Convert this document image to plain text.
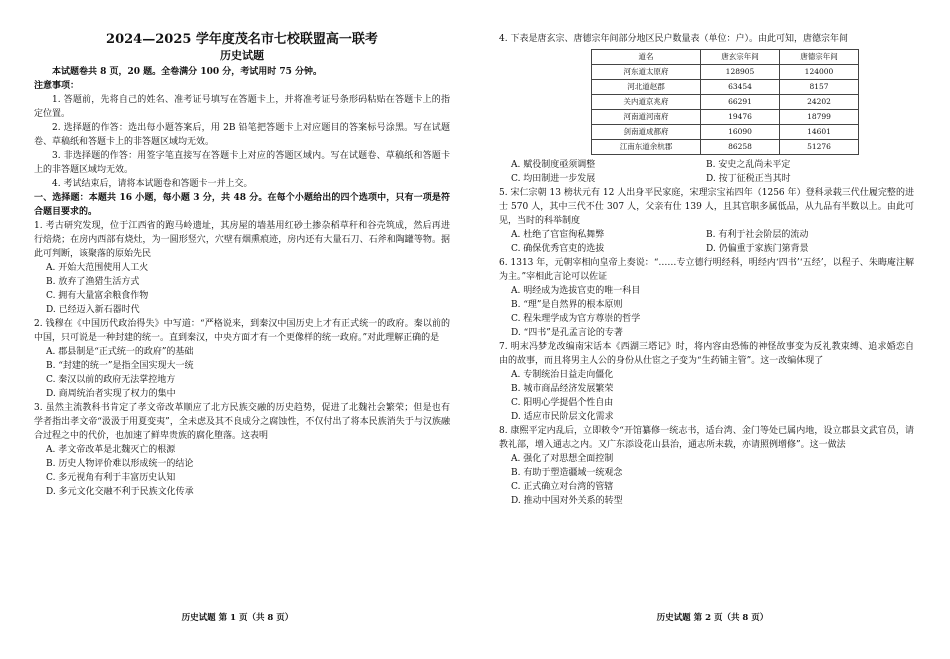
2024—2025 学年度茂名市七校联盟高一联考

历史试题

本试题卷共 8 页，20 题。全卷满分 100 分，考试用时 75 分钟。

注意事项：

1. 答题前，先将自己的姓名、准考证号填写在答题卡上，并将准考证号条形码粘贴在答题卡上的指定位置。

2. 选择题的作答：选出每小题答案后，用 2B 铅笔把答题卡上对应题目的答案标号涂黑。写在试题卷、草稿纸和答题卡上的非答题区域均无效。

3. 非选择题的作答：用签字笔直接写在答题卡上对应的答题区域内。写在试题卷、草稿纸和答题卡上的非答题区域均无效。

4. 考试结束后，请将本试题卷和答题卡一并上交。

一、选择题：本题共 16 小题，每小题 3 分，共 48 分。在每个小题给出的四个选项中，只有一项是符合题目要求的。

1. 考古研究发现，位于江西省的跑马岭遗址，其房屋的墙基用红砂土掺杂稻草秆和谷壳筑成，然后再进行焙烧；在房内西部有烧灶，为一圆形竖穴，穴壁有烟熏痕迹，房内还有大量石刀、石斧和陶罐等物。据此可判断，该聚落的原始先民

A. 开始大范围使用人工火

B. 放弃了渔猎生活方式

C. 拥有大量富余粮食作物

D. 已经迈入新石器时代

2. 钱穆在《中国历代政治得失》中写道：“严格说来，到秦汉中国历史上才有正式统一的政府。秦以前的中国，只可说是一种封建的统一。直到秦汉，中央方面才有一个更像样的统一政府。”对此理解正确的是

A. 郡县制是“正式统一的政府”的基础

B. “封建的统一”是指全国实现大一统

C. 秦汉以前的政府无法掌控地方

D. 商周统治者实现了权力的集中

3. 虽然主流教科书肯定了孝文帝改革顺应了北方民族交融的历史趋势，促进了北魏社会繁荣；但是也有学者指出孝文帝“汲汲于用夏变夷”，全未虑及其不良成分之腐蚀性，不仅付出了将本民族消失于与汉族融合过程之中的代价，也加速了鲜卑贵族的腐化堕落。这表明

A. 孝文帝改革是北魏灭亡的根源

B. 历史人物评价难以形成统一的结论

C. 多元视角有利于丰富历史认知

D. 多元文化交融不利于民族文化传承

历史试题 第 1 页（共 8 页）

4. 下表是唐玄宗、唐德宗年间部分地区民户数量表（单位：户）。由此可知，唐德宗年间

道名	唐玄宗年间	唐德宗年间
河东道太原府	128905	124000
河北道赵郡	63454	8157
关内道京兆府	66291	24202
河南道河南府	19476	18799
剑南道成都府	16090	14601
江南东道余杭郡	86258	51276
A. 赋役制度亟须调整	B. 安史之乱尚未平定
C. 均田制进一步发展	D. 按丁征税正当其时

5. 宋仁宗朝 13 榜状元有 12 人出身平民家庭，宋理宗宝祐四年（1256 年）登科录载三代仕履完整的进士 570 人，其中三代不仕 307 人，父亲有仕 139 人，且其官职多属低品，从九品有半数以上。由此可见，当时的科举制度

A. 杜绝了官宦徇私舞弊	B. 有利于社会阶层的流动
C. 确保优秀官吏的选拔	D. 仍偏重于家族门第背景

6. 1313 年，元朝宰相向皇帝上奏说：“……专立德行明经科，明经内‘四书’‘五经’，以程子、朱晦庵注解为主。”宰相此言论可以佐证

A. 明经成为选拔官吏的唯一科目

B. “理”是自然界的根本原则

C. 程朱理学成为官方尊崇的哲学

D. “四书”是孔孟言论的专著

7. 明末冯梦龙改编南宋话本《西湖三塔记》时，将内容由恐怖的神怪故事变为反礼教束缚、追求婚恋自由的故事，而且将男主人公的身份从仕宦之子变为“生药铺主管”。这一改编体现了

A. 专制统治日益走向僵化

B. 城市商品经济发展繁荣

C. 阳明心学提倡个性自由

D. 适应市民阶层文化需求

8. 康熙平定内乱后，立即敕令“开馆纂修一统志书，适台湾、金门等处已属内地，设立郡县文武官员，请教礼部，增入通志之内。又广东添设花山县治，通志所未载，亦请照例增修”。这一做法

A. 强化了对思想全面控制

B. 有助于塑造疆域一统观念

C. 正式确立对台湾的管辖

D. 推动中国对外关系的转型

历史试题 第 2 页（共 8 页）
